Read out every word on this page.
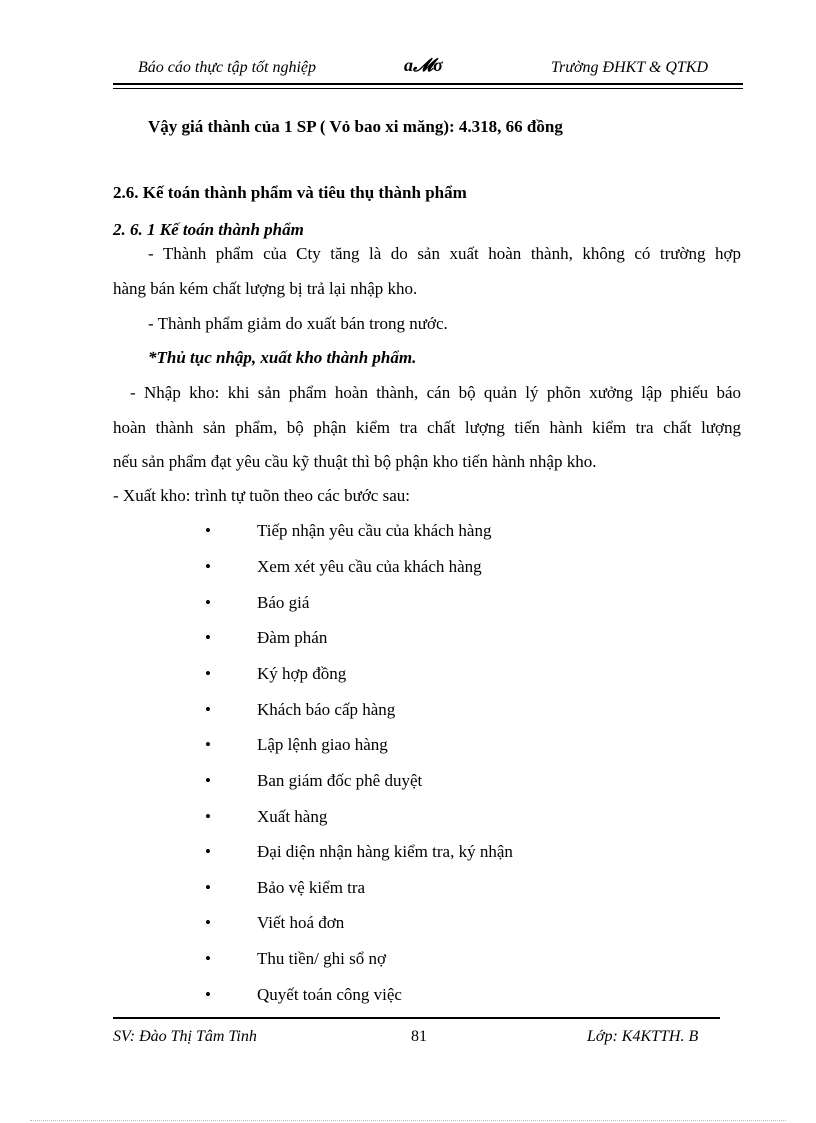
Báo cáo thực tập tốt nghiệp	a𝓜σ	Trường ĐHKT & QTKD
Vậy giá thành của 1 SP ( Vỏ bao xi măng): 4.318, 66 đồng
2.6. Kế toán thành phẩm và tiêu thụ thành phẩm
2. 6. 1 Kế toán thành phẩm
- Thành phẩm của Cty tăng là do sản xuất hoàn thành, không có trường hợp
hàng bán kém chất lượng bị trả lại nhập kho.
- Thành phẩm giảm do xuất bán trong nước.
*Thủ tục nhập, xuất kho thành phẩm.
- Nhập kho: khi sản phẩm hoàn thành, cán bộ quản lý phõn xưởng lập phiếu báo
hoàn thành sản phẩm, bộ phận kiểm tra chất lượng tiến hành kiểm tra chất lượng
nếu sản phẩm đạt yêu cầu kỹ thuật thì bộ phận kho tiến hành nhập kho.
- Xuất kho: trình tự tuõn theo các bước sau:
•	Tiếp nhận yêu cầu của khách hàng
•	Xem xét yêu cầu của khách hàng
•	Báo giá
•	Đàm phán
•	Ký hợp đồng
•	Khách báo cấp hàng
•	Lập lệnh giao hàng
•	Ban giám đốc phê duyệt
•	Xuất hàng
•	Đại diện nhận hàng kiểm tra, ký nhận
•	Bảo vệ kiểm tra
•	Viết hoá đơn
•	Thu tiền/ ghi sổ nợ
•	Quyết toán công việc
SV: Đào Thị Tâm Tinh	81	Lớp: K4KTTH. B
